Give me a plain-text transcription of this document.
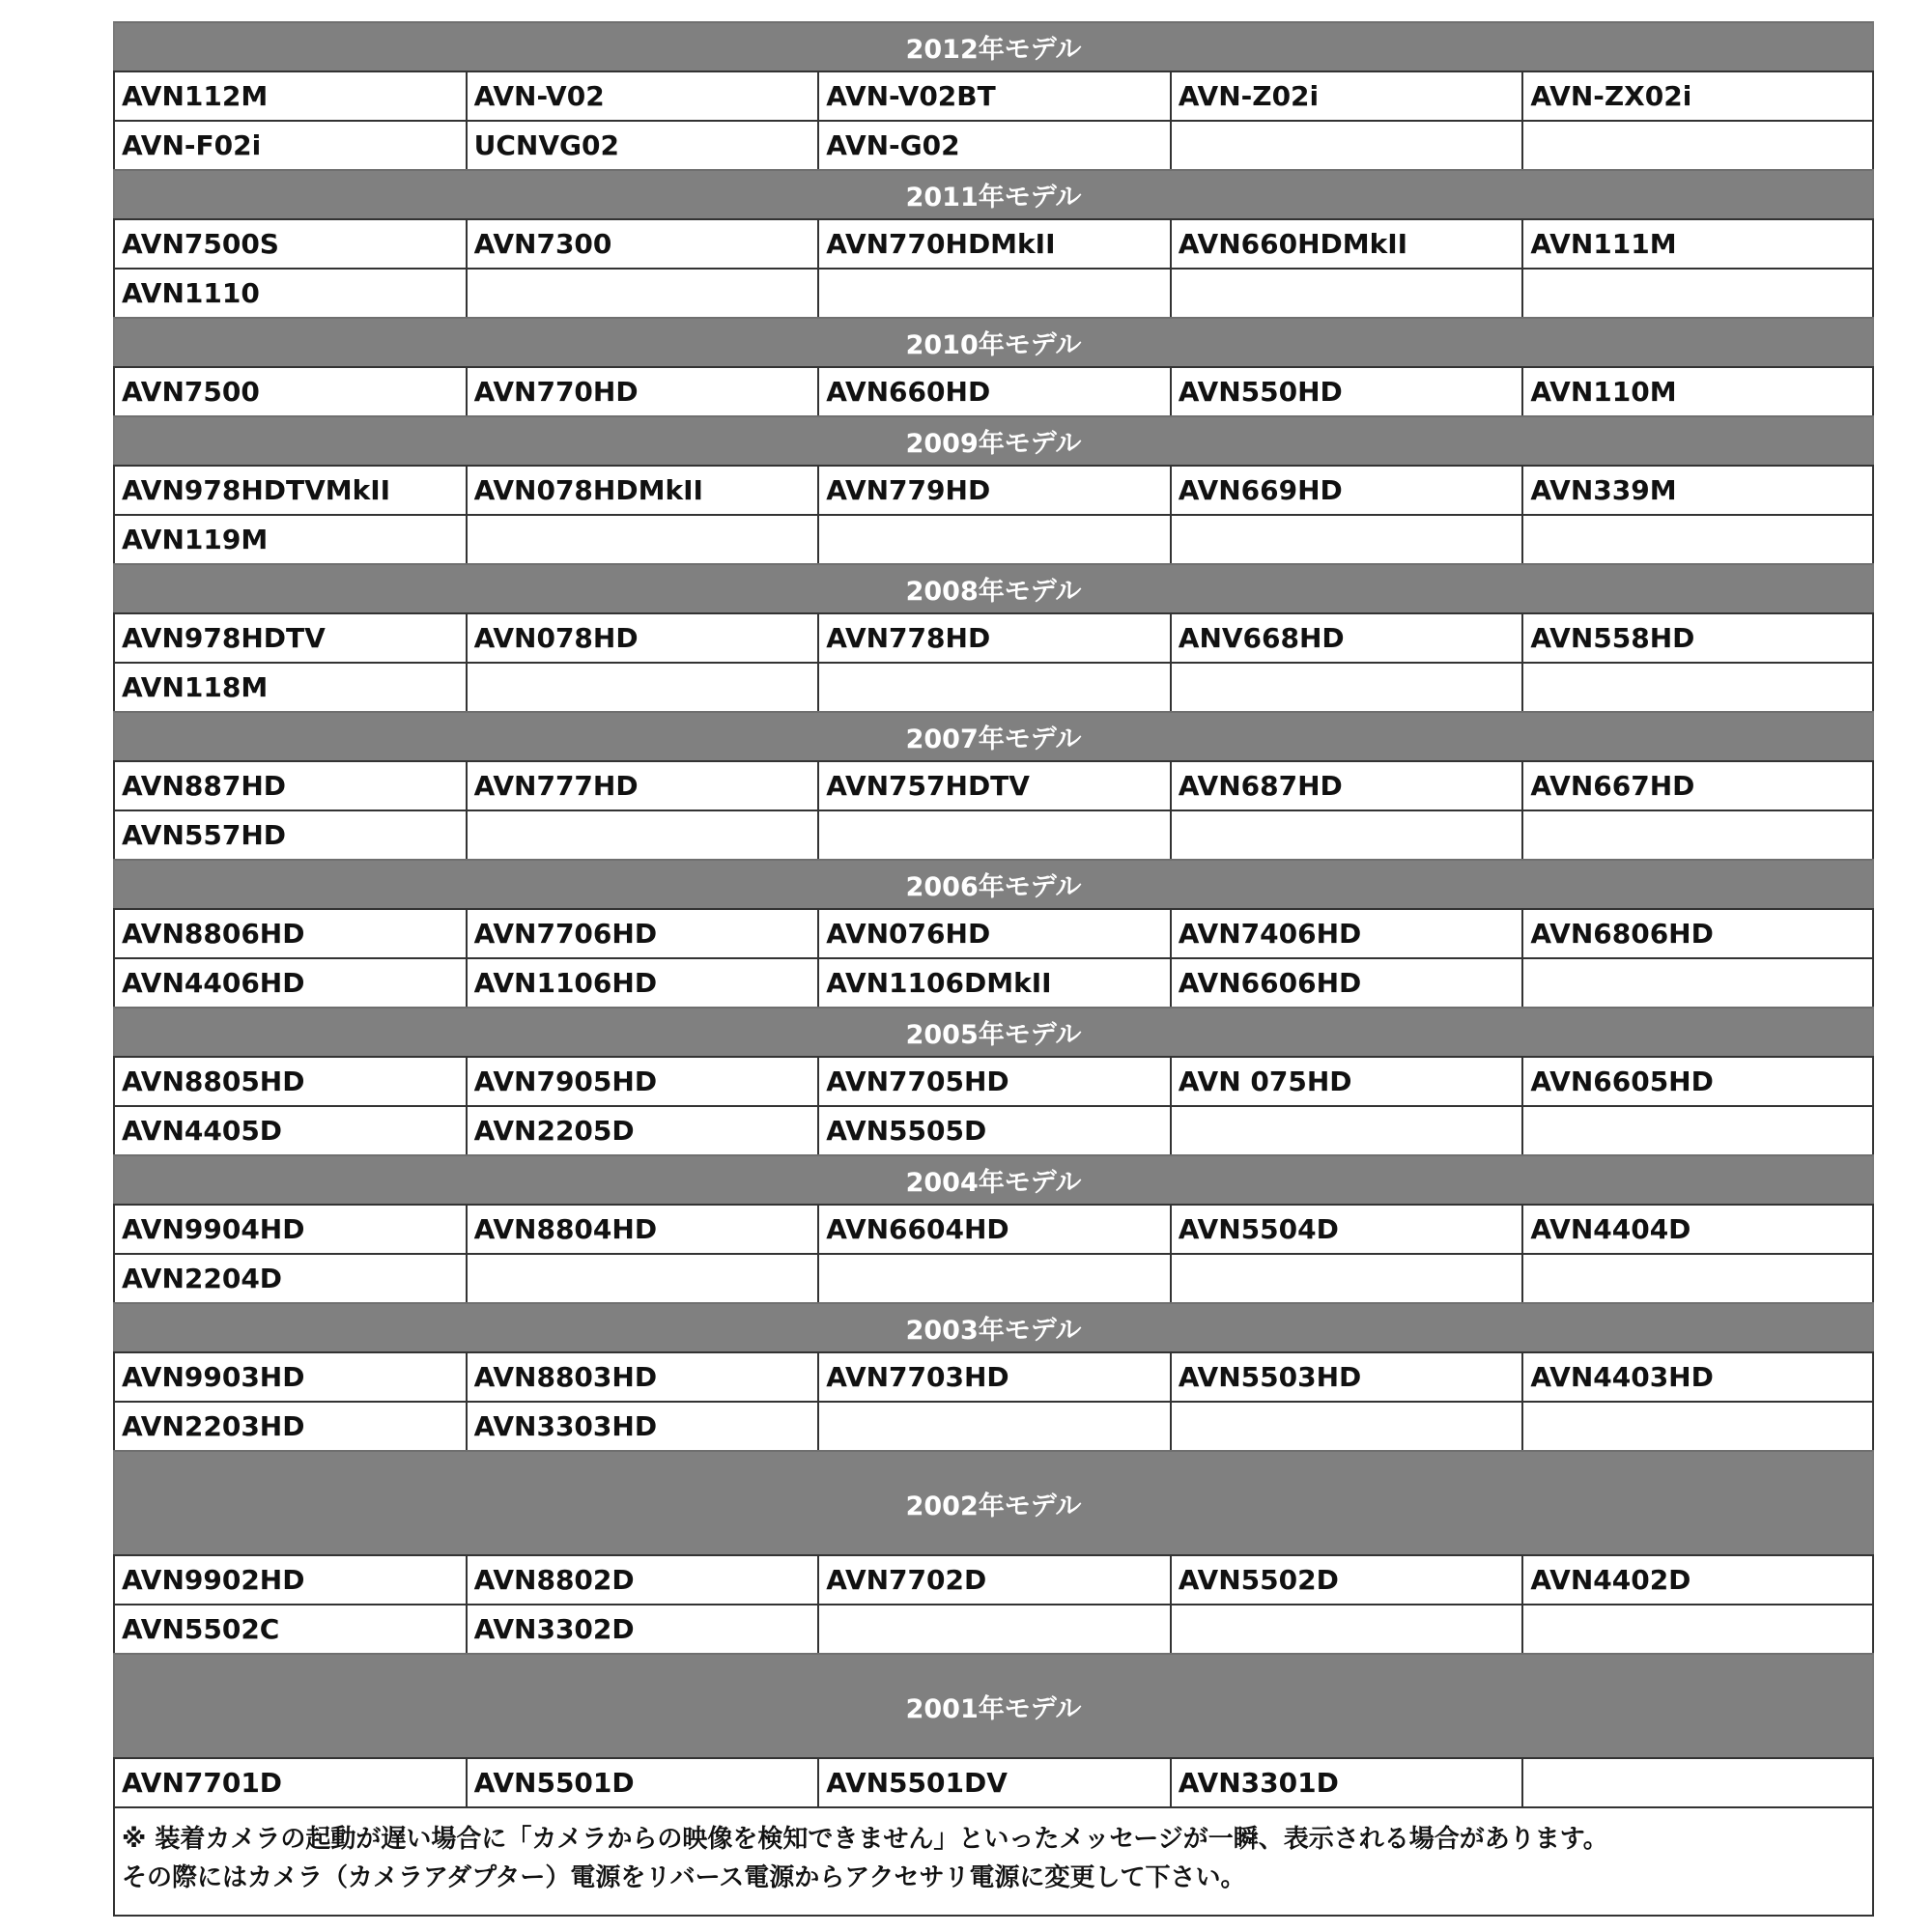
2012年モデル
AVN112M	AVN-V02	AVN-V02BT	AVN-Z02i	AVN-ZX02i
AVN-F02i	UCNVG02	AVN-G02
2011年モデル
AVN7500S	AVN7300	AVN770HDMkII	AVN660HDMkII	AVN111M
AVN1110
2010年モデル
AVN7500	AVN770HD	AVN660HD	AVN550HD	AVN110M
2009年モデル
AVN978HDTVMkII	AVN078HDMkII	AVN779HD	AVN669HD	AVN339M
AVN119M
2008年モデル
AVN978HDTV	AVN078HD	AVN778HD	ANV668HD	AVN558HD
AVN118M
2007年モデル
AVN887HD	AVN777HD	AVN757HDTV	AVN687HD	AVN667HD
AVN557HD
2006年モデル
AVN8806HD	AVN7706HD	AVN076HD	AVN7406HD	AVN6806HD
AVN4406HD	AVN1106HD	AVN1106DMkII	AVN6606HD
2005年モデル
AVN8805HD	AVN7905HD	AVN7705HD	AVN 075HD	AVN6605HD
AVN4405D	AVN2205D	AVN5505D
2004年モデル
AVN9904HD	AVN8804HD	AVN6604HD	AVN5504D	AVN4404D
AVN2204D
2003年モデル
AVN9903HD	AVN8803HD	AVN7703HD	AVN5503HD	AVN4403HD
AVN2203HD	AVN3303HD
2002年モデル
AVN9902HD	AVN8802D	AVN7702D	AVN5502D	AVN4402D
AVN5502C	AVN3302D
2001年モデル
AVN7701D	AVN5501D	AVN5501DV	AVN3301D
※ 装着カメラの起動が遅い場合に「カメラからの映像を検知できません」といったメッセージが一瞬、表示される場合があります。
その際にはカメラ（カメラアダプター）電源をリバース電源からアクセサリ電源に変更して下さい。
